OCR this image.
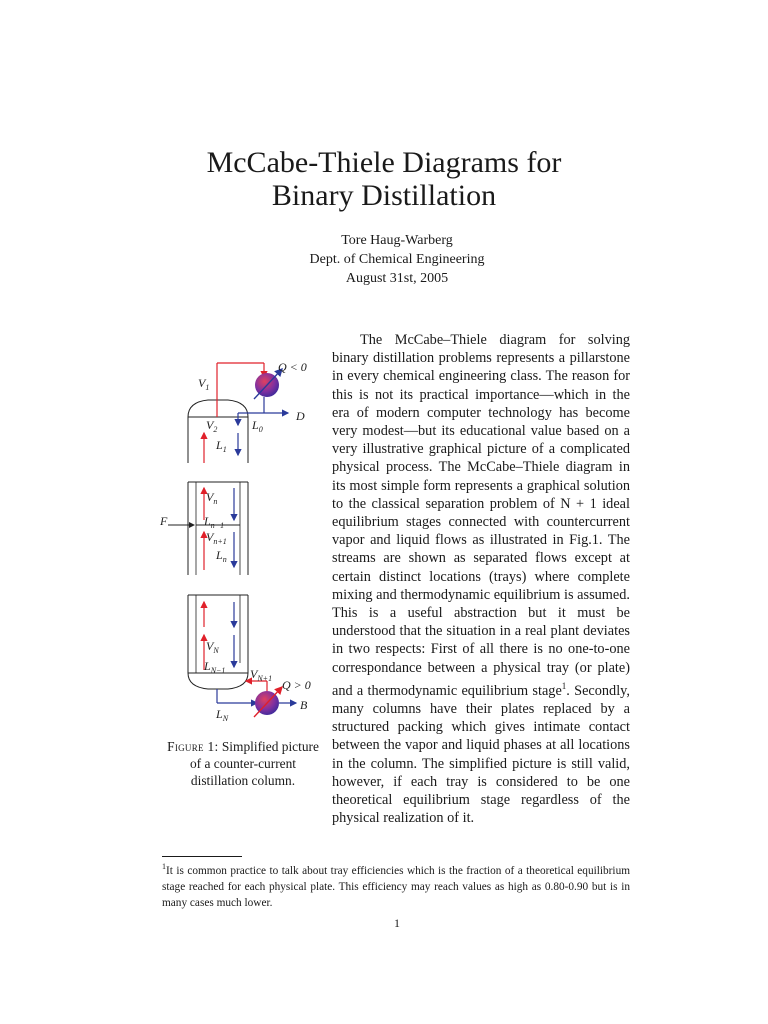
McCabe-Thiele Diagrams for
Binary Distillation
Tore Haug-Warberg
Dept. of Chemical Engineering
August 31st, 2005
The McCabe–Thiele diagram for solving binary distillation problems represents a pillarstone in every chemical engineering class. The reason for this is not its practical importance—which in the era of modern computer technology has become very modest—but its educational value based on a very illustrative graphical picture of a complicated physical process. The McCabe–Thiele diagram in its most simple form represents a graphical solution to the classical separation problem of N + 1 ideal equilibrium stages connected with countercurrent vapor and liquid flows as illustrated in Fig.1. The streams are shown as separated flows except at certain distinct locations (trays) where complete mixing and thermodynamic equilibrium is assumed. This is a useful abstraction but it must be understood that the situation in a real plant deviates in two respects: First of all there is no one-to-one correspondance between a physical tray (or plate) and a thermodynamic equilibrium stage$^1$. Secondly, many columns have their plates replaced by a structured packing which gives intimate contact between the vapor and liquid phases at all locations in the column. The simplified picture is still valid, however, if each tray is considered to be one theoretical equilibrium stage regardless of the physical realization of it.
$V_1$
Q < 0
D
$V_2$	$L_0$
$L_1$
$V_n$
F	$L_{n-1}$
$V_{n+1}$
$L_n$
$V_N$
$L_{N-1}$ $V_{N+1}$ Q > 0
B
$L_N$
Figure 1: Simplified picture of a counter-current distillation column.
$^1$It is common practice to talk about tray efficiencies which is the fraction of a theoretical equilibrium stage reached for each physical plate. This efficiency may reach values as high as 0.80-0.90 but is in many cases much lower.
1
